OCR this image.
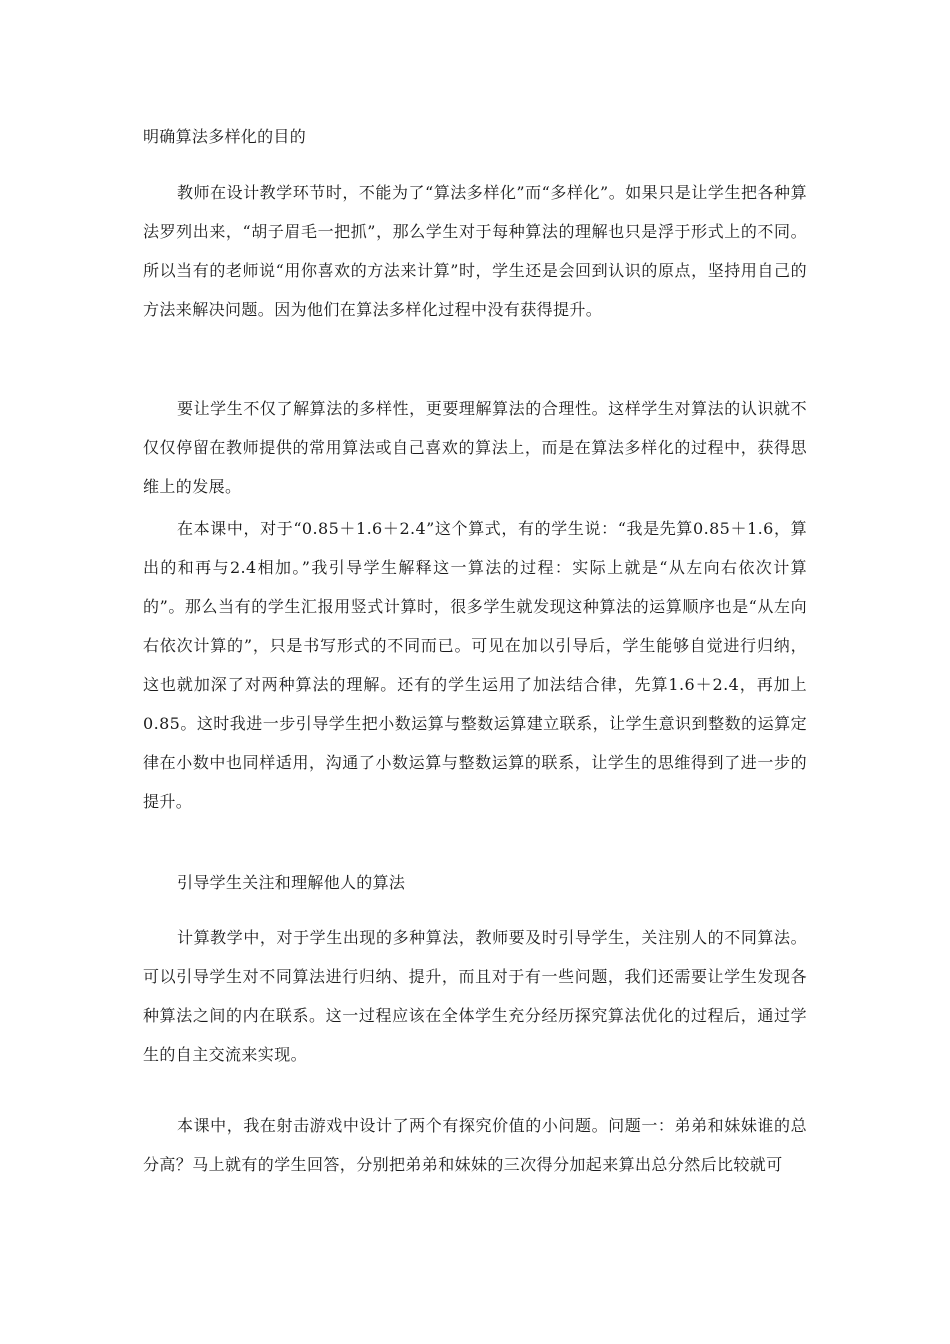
明确算法多样化的目的

教师在设计教学环节时，不能为了“算法多样化”而“多样化”。如果只是让学生把各种算法罗列出来，“胡子眉毛一把抓”，那么学生对于每种算法的理解也只是浮于形式上的不同。所以当有的老师说“用你喜欢的方法来计算”时，学生还是会回到认识的原点，坚持用自己的方法来解决问题。因为他们在算法多样化过程中没有获得提升。

要让学生不仅了解算法的多样性，更要理解算法的合理性。这样学生对算法的认识就不仅仅停留在教师提供的常用算法或自己喜欢的算法上，而是在算法多样化的过程中，获得思维上的发展。

在本课中，对于“0.85＋1.6＋2.4”这个算式，有的学生说：“我是先算0.85＋1.6，算出的和再与2.4相加。”我引导学生解释这一算法的过程：实际上就是“从左向右依次计算的”。那么当有的学生汇报用竖式计算时，很多学生就发现这种算法的运算顺序也是“从左向右依次计算的”，只是书写形式的不同而已。可见在加以引导后，学生能够自觉进行归纳，这也就加深了对两种算法的理解。还有的学生运用了加法结合律，先算1.6＋2.4，再加上0.85。这时我进一步引导学生把小数运算与整数运算建立联系，让学生意识到整数的运算定律在小数中也同样适用，沟通了小数运算与整数运算的联系，让学生的思维得到了进一步的提升。

引导学生关注和理解他人的算法

计算教学中，对于学生出现的多种算法，教师要及时引导学生，关注别人的不同算法。可以引导学生对不同算法进行归纳、提升，而且对于有一些问题，我们还需要让学生发现各种算法之间的内在联系。这一过程应该在全体学生充分经历探究算法优化的过程后，通过学生的自主交流来实现。

本课中，我在射击游戏中设计了两个有探究价值的小问题。问题一：弟弟和妹妹谁的总分高？马上就有的学生回答，分别把弟弟和妹妹的三次得分加起来算出总分然后比较就可
